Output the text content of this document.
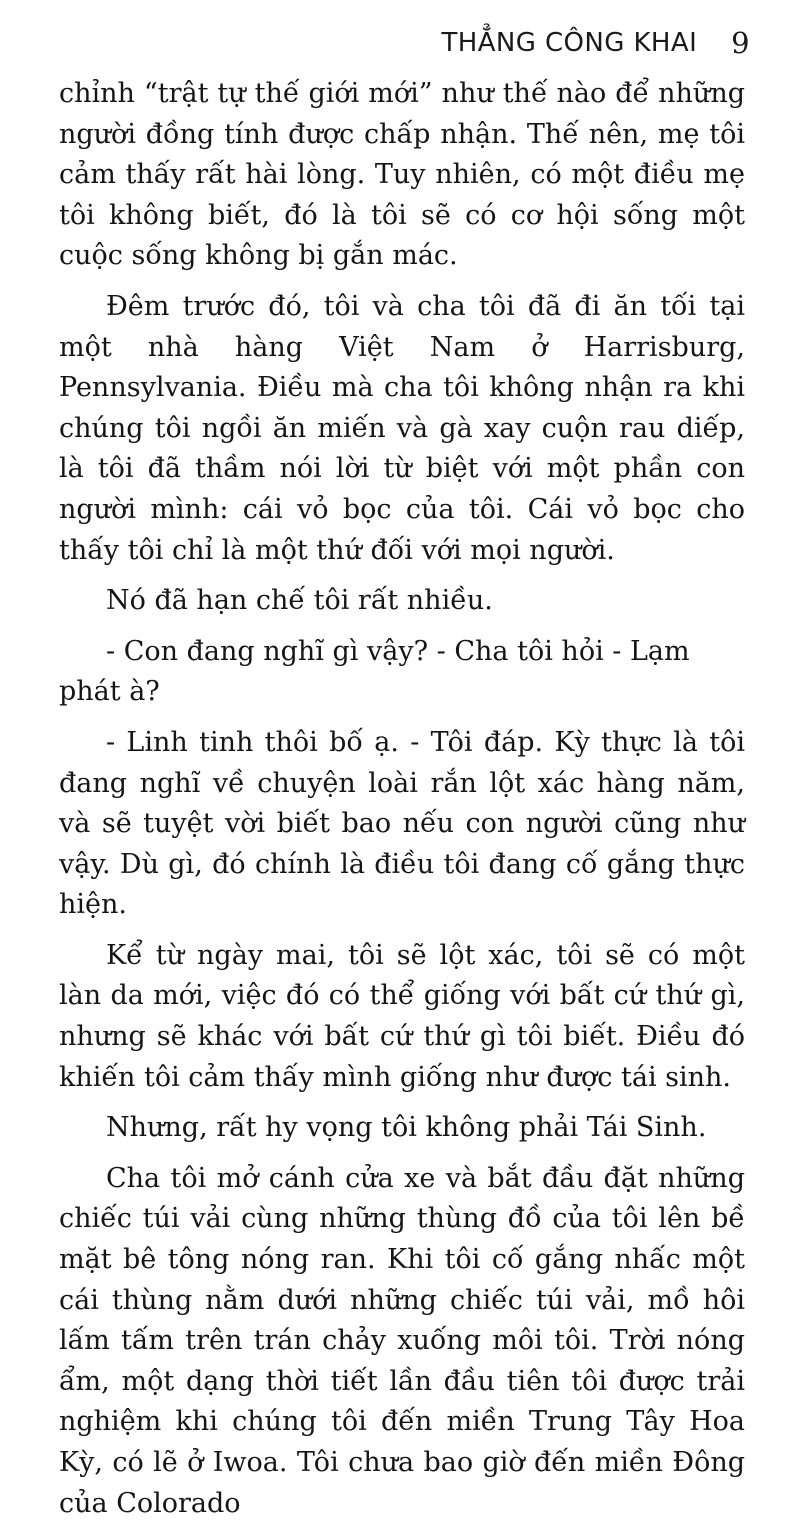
THẲNG CÔNG KHAI 9

chỉnh “trật tự thế giới mới” như thế nào để những người đồng tính được chấp nhận. Thế nên, mẹ tôi cảm thấy rất hài lòng. Tuy nhiên, có một điều mẹ tôi không biết, đó là tôi sẽ có cơ hội sống một cuộc sống không bị gắn mác.

Đêm trước đó, tôi và cha tôi đã đi ăn tối tại một nhà hàng Việt Nam ở Harrisburg, Pennsylvania. Điều mà cha tôi không nhận ra khi chúng tôi ngồi ăn miến và gà xay cuộn rau diếp, là tôi đã thầm nói lời từ biệt với một phần con người mình: cái vỏ bọc của tôi. Cái vỏ bọc cho thấy tôi chỉ là một thứ đối với mọi người.

Nó đã hạn chế tôi rất nhiều.

- Con đang nghĩ gì vậy? - Cha tôi hỏi - Lạm phát à?

- Linh tinh thôi bố ạ. - Tôi đáp. Kỳ thực là tôi đang nghĩ về chuyện loài rắn lột xác hàng năm, và sẽ tuyệt vời biết bao nếu con người cũng như vậy. Dù gì, đó chính là điều tôi đang cố gắng thực hiện.

Kể từ ngày mai, tôi sẽ lột xác, tôi sẽ có một làn da mới, việc đó có thể giống với bất cứ thứ gì, nhưng sẽ khác với bất cứ thứ gì tôi biết. Điều đó khiến tôi cảm thấy mình giống như được tái sinh.

Nhưng, rất hy vọng tôi không phải Tái Sinh.

Cha tôi mở cánh cửa xe và bắt đầu đặt những chiếc túi vải cùng những thùng đồ của tôi lên bề mặt bê tông nóng ran. Khi tôi cố gắng nhấc một cái thùng nằm dưới những chiếc túi vải, mồ hôi lấm tấm trên trán chảy xuống môi tôi. Trời nóng ẩm, một dạng thời tiết lần đầu tiên tôi được trải nghiệm khi chúng tôi đến miền Trung Tây Hoa Kỳ, có lẽ ở Iwoa. Tôi chưa bao giờ đến miền Đông của Colorado
